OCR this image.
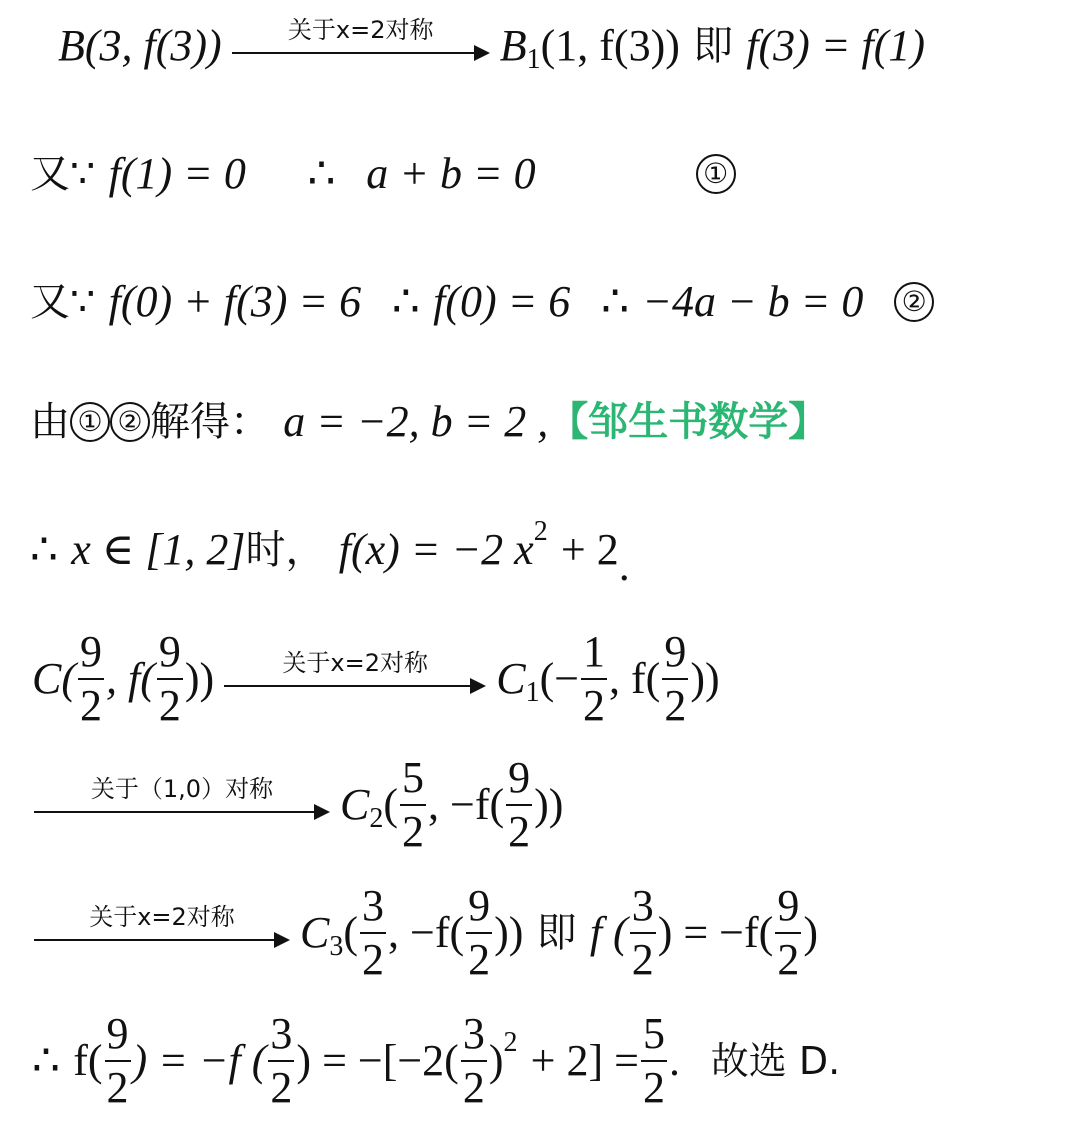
B(3, f(3))	关于x=2对称	B 1 (1, f(3)) 即 f(3) = f(1)
又∵ f(1) = 0 ∴ a + b = 0	①
又∵ f(0) + f(3) = 6 ∴ f(0) = 6 ∴ −4a − b = 0 ②
由 ① ② 解得： a = −2, b = 2 , 【邹生书数学】
∴ x ∈ [1, 2] 时， f(x) = −2 x 2 + 2 .
$C( \frac{9}{2}$ , $f( \frac{9}{2}$ ))	关于x=2对称	C 1 (− $\frac{1}{2}$ , $f( \frac{9}{2}$ ))
关于（1,0）对称	C 2 ( $\frac{5}{2}$ , $-f( \frac{9}{2}$ ))
关于x=2对称	C 3 ( $\frac{3}{2}$ , $-f( \frac{9}{2}$ )) 即 f ( $\frac{3}{2}$ ) = $-f( \frac{9}{2}$ )
∴ $f( \frac{9}{2}$ ) = −f ( $\frac{3}{2}$ ) = $-[-2( \frac{3}{2}$ ) $2 + 2] = \frac{5}{2}$ . 故选 D.
